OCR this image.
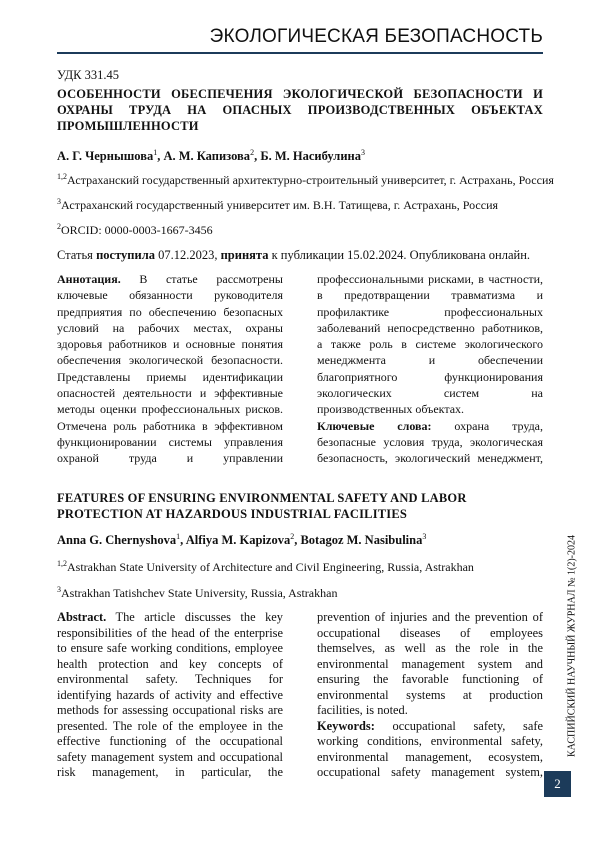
ЭКОЛОГИЧЕСКАЯ БЕЗОПАСНОСТЬ
УДК 331.45
ОСОБЕННОСТИ ОБЕСПЕЧЕНИЯ ЭКОЛОГИЧЕСКОЙ БЕЗОПАСНОСТИ И ОХРАНЫ ТРУДА НА ОПАСНЫХ ПРОИЗВОДСТВЕННЫХ ОБЪЕКТАХ ПРОМЫШЛЕННОСТИ
А. Г. Чернышова$^1$, А. М. Капизова$^2$, Б. М. Насибулина$^3$
$^{1,2}$Астраханский государственный архитектурно-строительный университет, г. Астрахань, Россия
$^3$Астраханский государственный университет им. В.Н. Татищева, г. Астрахань, Россия
$^2$ORCID: 0000-0003-1667-3456
Статья поступила 07.12.2023, принята к публикации 15.02.2024. Опубликована онлайн.

Аннотация. В статье рассмотрены ключевые обязанности руководителя предприятия по обеспечению безопасных условий на рабочих местах, охраны здоровья работников и основные понятия обеспечения экологической безопасности. Представлены приемы идентификации опасностей деятельности и эффективные методы оценки профессиональных рисков. Отмечена роль работника в эффективном функционировании системы управления охраной труда и управлении

профессиональными рисками, в частности, в предотвращении травматизма и профилактике профессиональных заболеваний непосредственно работников, а также роль в системе экологического менеджмента и обеспечении благоприятного функционирования экологических систем на производственных объектах.

Ключевые слова: охрана труда, безопасные условия труда, экологическая безопасность, экологический менеджмент,

FEATURES OF ENSURING ENVIRONMENTAL SAFETY AND LABOR PROTECTION AT HAZARDOUS INDUSTRIAL FACILITIES
Anna G. Chernyshova$^1$, Alfiya M. Kapizova$^2$, Botagoz M. Nasibulina$^3$
$^{1,2}$Astrakhan State University of Architecture and Civil Engineering, Russia, Astrakhan
$^3$Astrakhan Tatishchev State University, Russia, Astrakhan

Abstract. The article discusses the key responsibilities of the head of the enterprise to ensure safe working conditions, employee health protection and key concepts of environmental safety. Techniques for identifying hazards of activity and effective methods for assessing occupational risks are presented. The role of the employee in the effective functioning of the occupational safety management system and occupational risk management, in particular, the

prevention of injuries and the prevention of occupational diseases of employees themselves, as well as the role in the environmental management system and ensuring the favorable functioning of environmental systems at production facilities, is noted.

Keywords: occupational safety, safe working conditions, environmental safety, environmental management, ecosystem, occupational safety management system,

КАСПИЙСКИЙ НАУЧНЫЙ ЖУРНАЛ № 1(2)-2024
2
